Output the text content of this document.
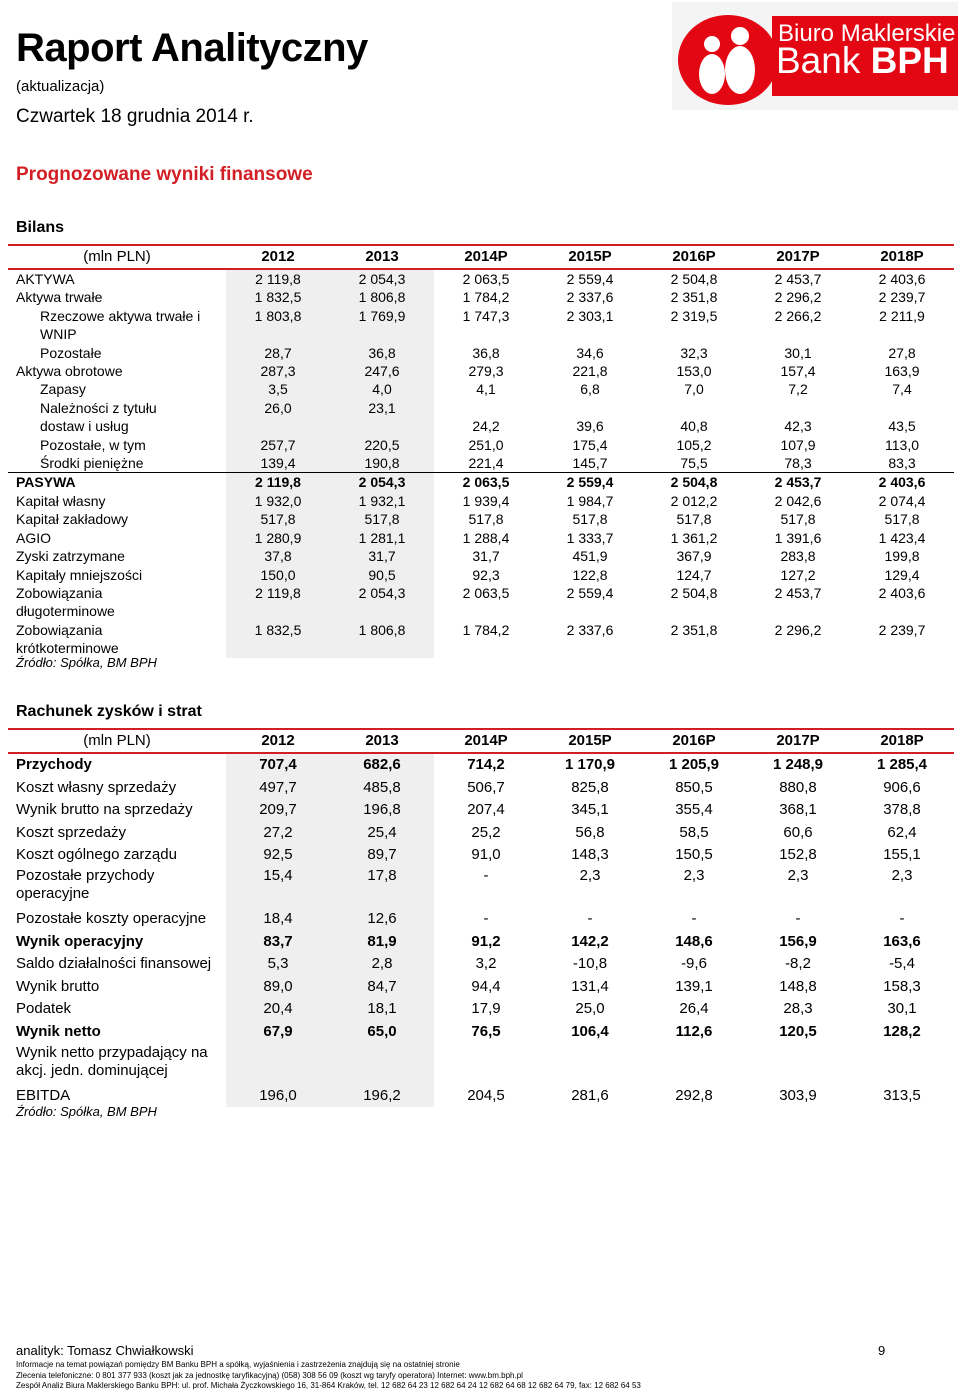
Raport Analityczny
(aktualizacja)
Czwartek 18 grudnia 2014 r.
Biuro Maklerskie
Bank BPH
grupa GE Capital
Prognozowane wyniki finansowe
Bilans
(mln PLN)	2012	2013	2014P	2015P	2016P	2017P	2018P
AKTYWA	2 119,8	2 054,3	2 063,5	2 559,4	2 504,8	2 453,7	2 403,6
Aktywa trwałe	1 832,5	1 806,8	1 784,2	2 337,6	2 351,8	2 296,2	2 239,7
Rzeczowe aktywa trwałe i
WNIP	1 803,8	1 769,9	1 747,3	2 303,1	2 319,5	2 266,2	2 211,9
Pozostałe	28,7	36,8	36,8	34,6	32,3	30,1	27,8
Aktywa obrotowe	287,3	247,6	279,3	221,8	153,0	157,4	163,9
Zapasy	3,5	4,0	4,1	6,8	7,0	7,2	7,4
Należności z tytułu
dostaw i usług	26,0	23,1	24,2	39,6	40,8	42,3	43,5
Pozostałe, w tym	257,7	220,5	251,0	175,4	105,2	107,9	113,0
Środki pieniężne	139,4	190,8	221,4	145,7	75,5	78,3	83,3
PASYWA	2 119,8	2 054,3	2 063,5	2 559,4	2 504,8	2 453,7	2 403,6
Kapitał własny	1 932,0	1 932,1	1 939,4	1 984,7	2 012,2	2 042,6	2 074,4
Kapitał zakładowy	517,8	517,8	517,8	517,8	517,8	517,8	517,8
AGIO	1 280,9	1 281,1	1 288,4	1 333,7	1 361,2	1 391,6	1 423,4
Zyski zatrzymane	37,8	31,7	31,7	451,9	367,9	283,8	199,8
Kapitały mniejszości	150,0	90,5	92,3	122,8	124,7	127,2	129,4
Zobowiązania
długoterminowe	2 119,8	2 054,3	2 063,5	2 559,4	2 504,8	2 453,7	2 403,6
Zobowiązania
krótkoterminowe	1 832,5	1 806,8	1 784,2	2 337,6	2 351,8	2 296,2	2 239,7
Źródło: Spółka, BM BPH
Rachunek zysków i strat
(mln PLN)	2012	2013	2014P	2015P	2016P	2017P	2018P
Przychody	707,4	682,6	714,2	1 170,9	1 205,9	1 248,9	1 285,4
Koszt własny sprzedaży	497,7	485,8	506,7	825,8	850,5	880,8	906,6
Wynik brutto na sprzedaży	209,7	196,8	207,4	345,1	355,4	368,1	378,8
Koszt sprzedaży	27,2	25,4	25,2	56,8	58,5	60,6	62,4
Koszt ogólnego zarządu	92,5	89,7	91,0	148,3	150,5	152,8	155,1
Pozostałe przychody
operacyjne	15,4	17,8	-	2,3	2,3	2,3	2,3
Pozostałe koszty operacyjne	18,4	12,6	-	-	-	-	-
Wynik operacyjny	83,7	81,9	91,2	142,2	148,6	156,9	163,6
Saldo działalności finansowej	5,3	2,8	3,2	-10,8	-9,6	-8,2	-5,4
Wynik brutto	89,0	84,7	94,4	131,4	139,1	148,8	158,3
Podatek	20,4	18,1	17,9	25,0	26,4	28,3	30,1
Wynik netto	67,9	65,0	76,5	106,4	112,6	120,5	128,2
Wynik netto przypadający na
akcj. jedn. dominującej							
EBITDA	196,0	196,2	204,5	281,6	292,8	303,9	313,5
Źródło: Spółka, BM BPH
analityk: Tomasz Chwiałkowski	9
Informacje na temat powiązań pomiędzy BM Banku BPH a spółką, wyjaśnienia i zastrzeżenia znajdują się na ostatniej stronie
Zlecenia telefoniczne: 0 801 377 933 (koszt jak za jednostkę taryfikacyjną) (058) 308 56 09 (koszt wg taryfy operatora) Internet: www.bm.bph.pl
Zespół Analiz Biura Maklerskiego Banku BPH: ul. prof. Michała Życzkowskiego 16, 31-864 Kraków, tel. 12 682 64 23 12 682 64 24 12 682 64 68 12 682 64 79, fax: 12 682 64 53
